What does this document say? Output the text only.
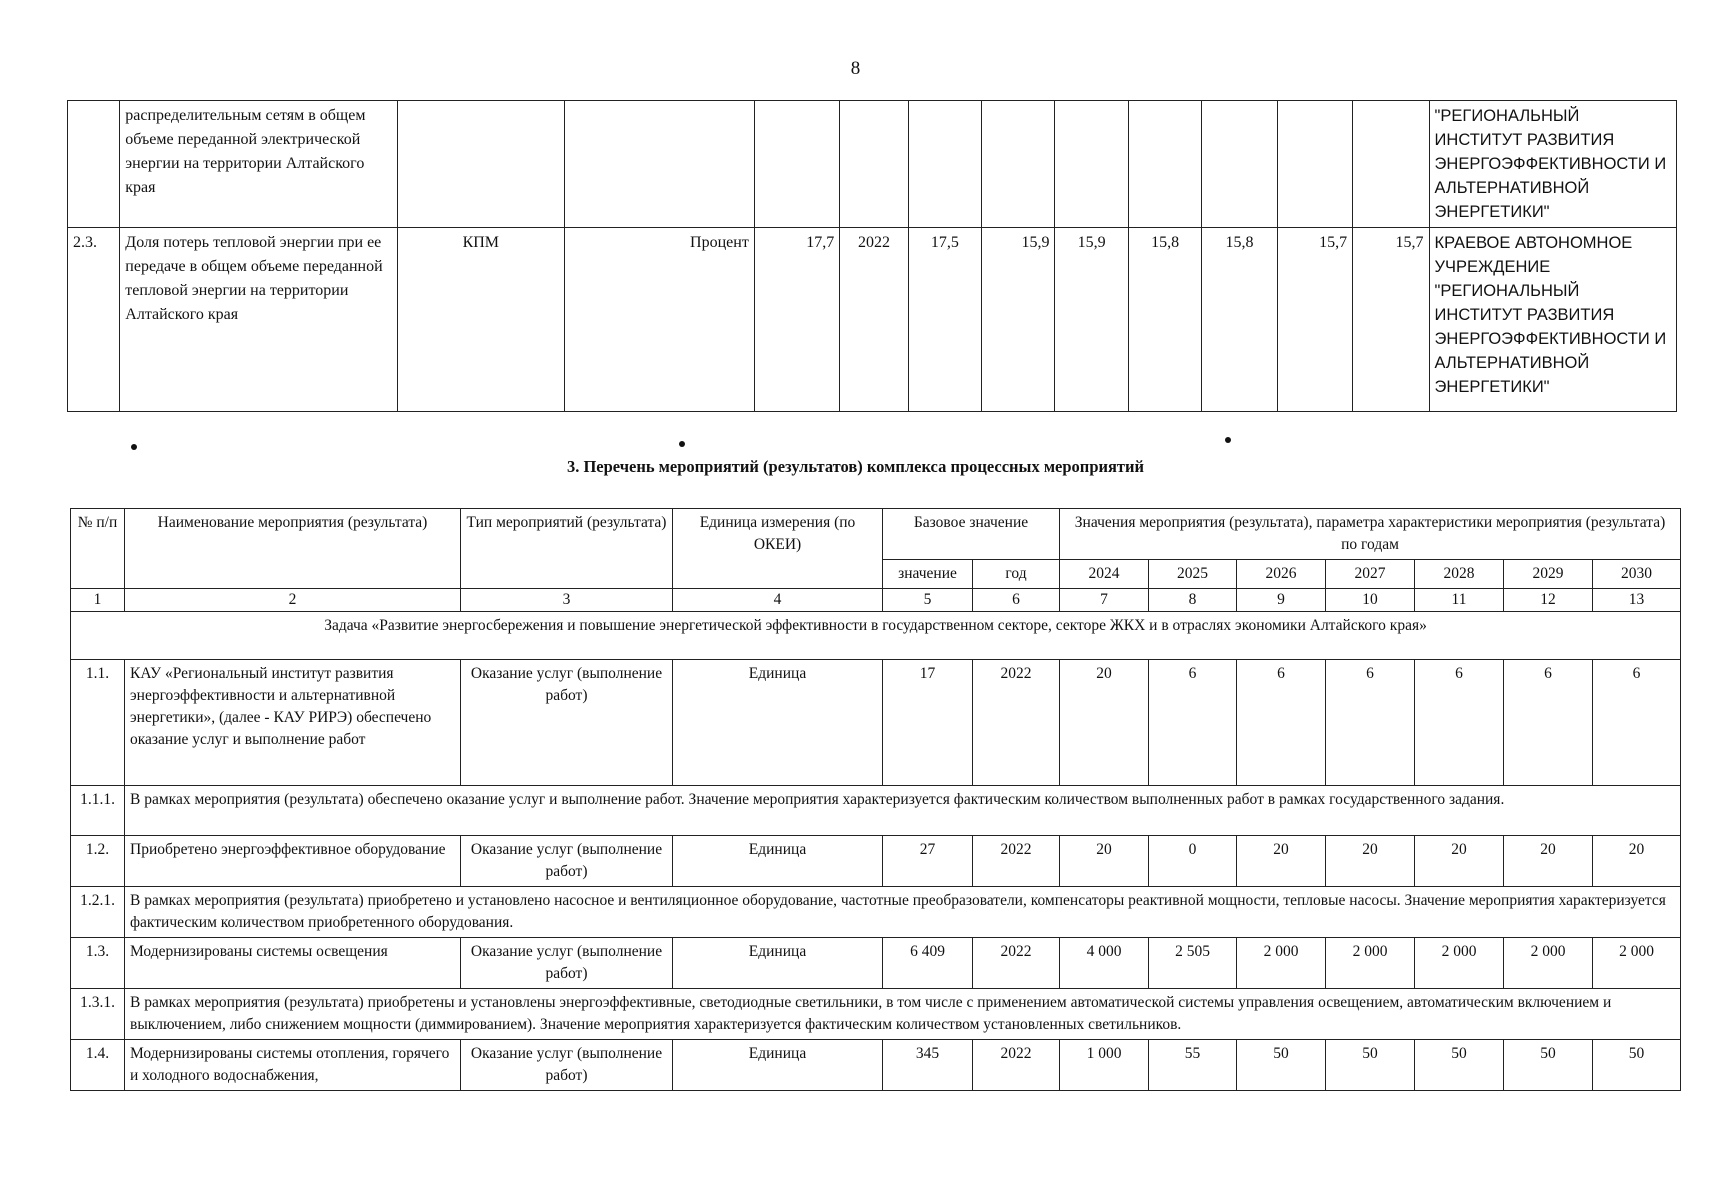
8
	распределительным сетям в общем объеме переданной электрической энергии на территории Алтайского края												"РЕГИОНАЛЬНЫЙ ИНСТИТУТ РАЗВИТИЯ ЭНЕРГОЭФФЕКТИВНОСТИ И АЛЬТЕРНАТИВНОЙ ЭНЕРГЕТИКИ"
2.3.	Доля потерь тепловой энергии при ее передаче в общем объеме переданной тепловой энергии на территории Алтайского края	КПМ	Процент	17,7	2022	17,5	15,9	15,9	15,8	15,8	15,7	15,7	КРАЕВОЕ АВТОНОМНОЕ УЧРЕЖДЕНИЕ "РЕГИОНАЛЬНЫЙ ИНСТИТУТ РАЗВИТИЯ ЭНЕРГОЭФФЕКТИВНОСТИ И АЛЬТЕРНАТИВНОЙ ЭНЕРГЕТИКИ"
3. Перечень мероприятий (результатов) комплекса процессных мероприятий
№ п/п	Наименование мероприятия (результата)	Тип мероприятий (результата)	Единица измерения (по ОКЕИ)	Базовое значение		Значения мероприятия (результата), параметра характеристики мероприятия (результата) по годам						
				значение	год	2024	2025	2026	2027	2028	2029	2030
1	2	3	4	5	6	7	8	9	10	11	12	13
Задача «Развитие энергосбережения и повышение энергетической эффективности в государственном секторе, секторе ЖКХ и в отраслях экономики Алтайского края»												
1.1.	КАУ «Региональный институт развития энергоэффективности и альтернативной энергетики», (далее - КАУ РИРЭ) обеспечено оказание услуг и выполнение работ	Оказание услуг (выполнение работ)	Единица	17	2022	20	6	6	6	6	6	6
1.1.1.	В рамках мероприятия (результата) обеспечено оказание услуг и выполнение работ. Значение мероприятия характеризуется фактическим количеством выполненных работ в рамках государственного задания.											
1.2.	Приобретено энергоэффективное оборудование	Оказание услуг (выполнение работ)	Единица	27	2022	20	0	20	20	20	20	20
1.2.1.	В рамках мероприятия (результата) приобретено и установлено насосное и вентиляционное оборудование, частотные преобразователи, компенсаторы реактивной мощности, тепловые насосы. Значение мероприятия характеризуется фактическим количеством приобретенного оборудования.											
1.3.	Модернизированы системы освещения	Оказание услуг (выполнение работ)	Единица	6 409	2022	4 000	2 505	2 000	2 000	2 000	2 000	2 000
1.3.1.	В рамках мероприятия (результата) приобретены и установлены энергоэффективные, светодиодные светильники, в том числе с применением автоматической системы управления освещением, автоматическим включением и выключением, либо снижением мощности (диммированием). Значение мероприятия характеризуется фактическим количеством установленных светильников.											
1.4.	Модернизированы системы отопления, горячего и холодного водоснабжения,	Оказание услуг (выполнение работ)	Единица	345	2022	1 000	55	50	50	50	50	50
